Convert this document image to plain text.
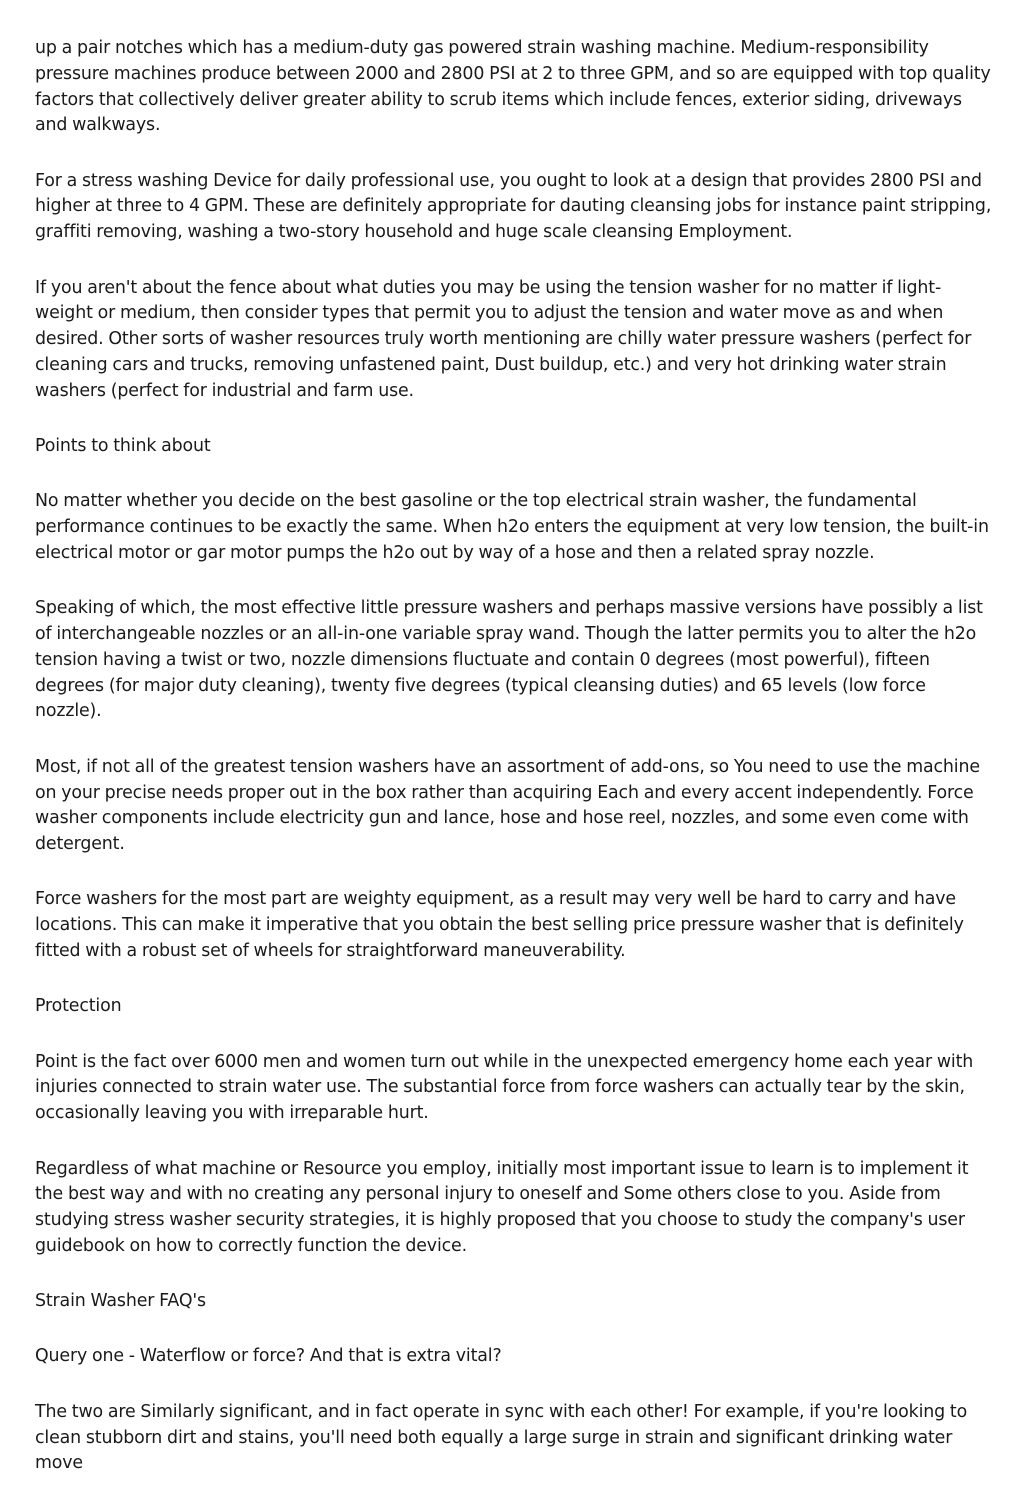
up a pair notches which has a medium-duty gas powered strain washing machine. Medium-responsibility pressure machines produce between 2000 and 2800 PSI at 2 to three GPM, and so are equipped with top quality factors that collectively deliver greater ability to scrub items which include fences, exterior siding, driveways and walkways.

For a stress washing Device for daily professional use, you ought to look at a design that provides 2800 PSI and higher at three to 4 GPM. These are definitely appropriate for dauting cleansing jobs for instance paint stripping, graffiti removing, washing a two-story household and huge scale cleansing Employment.

If you aren't about the fence about what duties you may be using the tension washer for no matter if light-weight or medium, then consider types that permit you to adjust the tension and water move as and when desired. Other sorts of washer resources truly worth mentioning are chilly water pressure washers (perfect for cleaning cars and trucks, removing unfastened paint, Dust buildup, etc.) and very hot drinking water strain washers (perfect for industrial and farm use.

Points to think about

No matter whether you decide on the best gasoline or the top electrical strain washer, the fundamental performance continues to be exactly the same. When h2o enters the equipment at very low tension, the built-in electrical motor or gar motor pumps the h2o out by way of a hose and then a related spray nozzle.

Speaking of which, the most effective little pressure washers and perhaps massive versions have possibly a list of interchangeable nozzles or an all-in-one variable spray wand. Though the latter permits you to alter the h2o tension having a twist or two, nozzle dimensions fluctuate and contain 0 degrees (most powerful), fifteen degrees (for major duty cleaning), twenty five degrees (typical cleansing duties) and 65 levels (low force nozzle).

Most, if not all of the greatest tension washers have an assortment of add-ons, so You need to use the machine on your precise needs proper out in the box rather than acquiring Each and every accent independently. Force washer components include electricity gun and lance, hose and hose reel, nozzles, and some even come with detergent.

Force washers for the most part are weighty equipment, as a result may very well be hard to carry and have locations. This can make it imperative that you obtain the best selling price pressure washer that is definitely fitted with a robust set of wheels for straightforward maneuverability.

Protection

Point is the fact over 6000 men and women turn out while in the unexpected emergency home each year with injuries connected to strain water use. The substantial force from force washers can actually tear by the skin, occasionally leaving you with irreparable hurt.

Regardless of what machine or Resource you employ, initially most important issue to learn is to implement it the best way and with no creating any personal injury to oneself and Some others close to you. Aside from studying stress washer security strategies, it is highly proposed that you choose to study the company's user guidebook on how to correctly function the device.

Strain Washer FAQ's

Query one - Waterflow or force? And that is extra vital?

The two are Similarly significant, and in fact operate in sync with each other! For example, if you're looking to clean stubborn dirt and stains, you'll need both equally a large surge in strain and significant drinking water move
